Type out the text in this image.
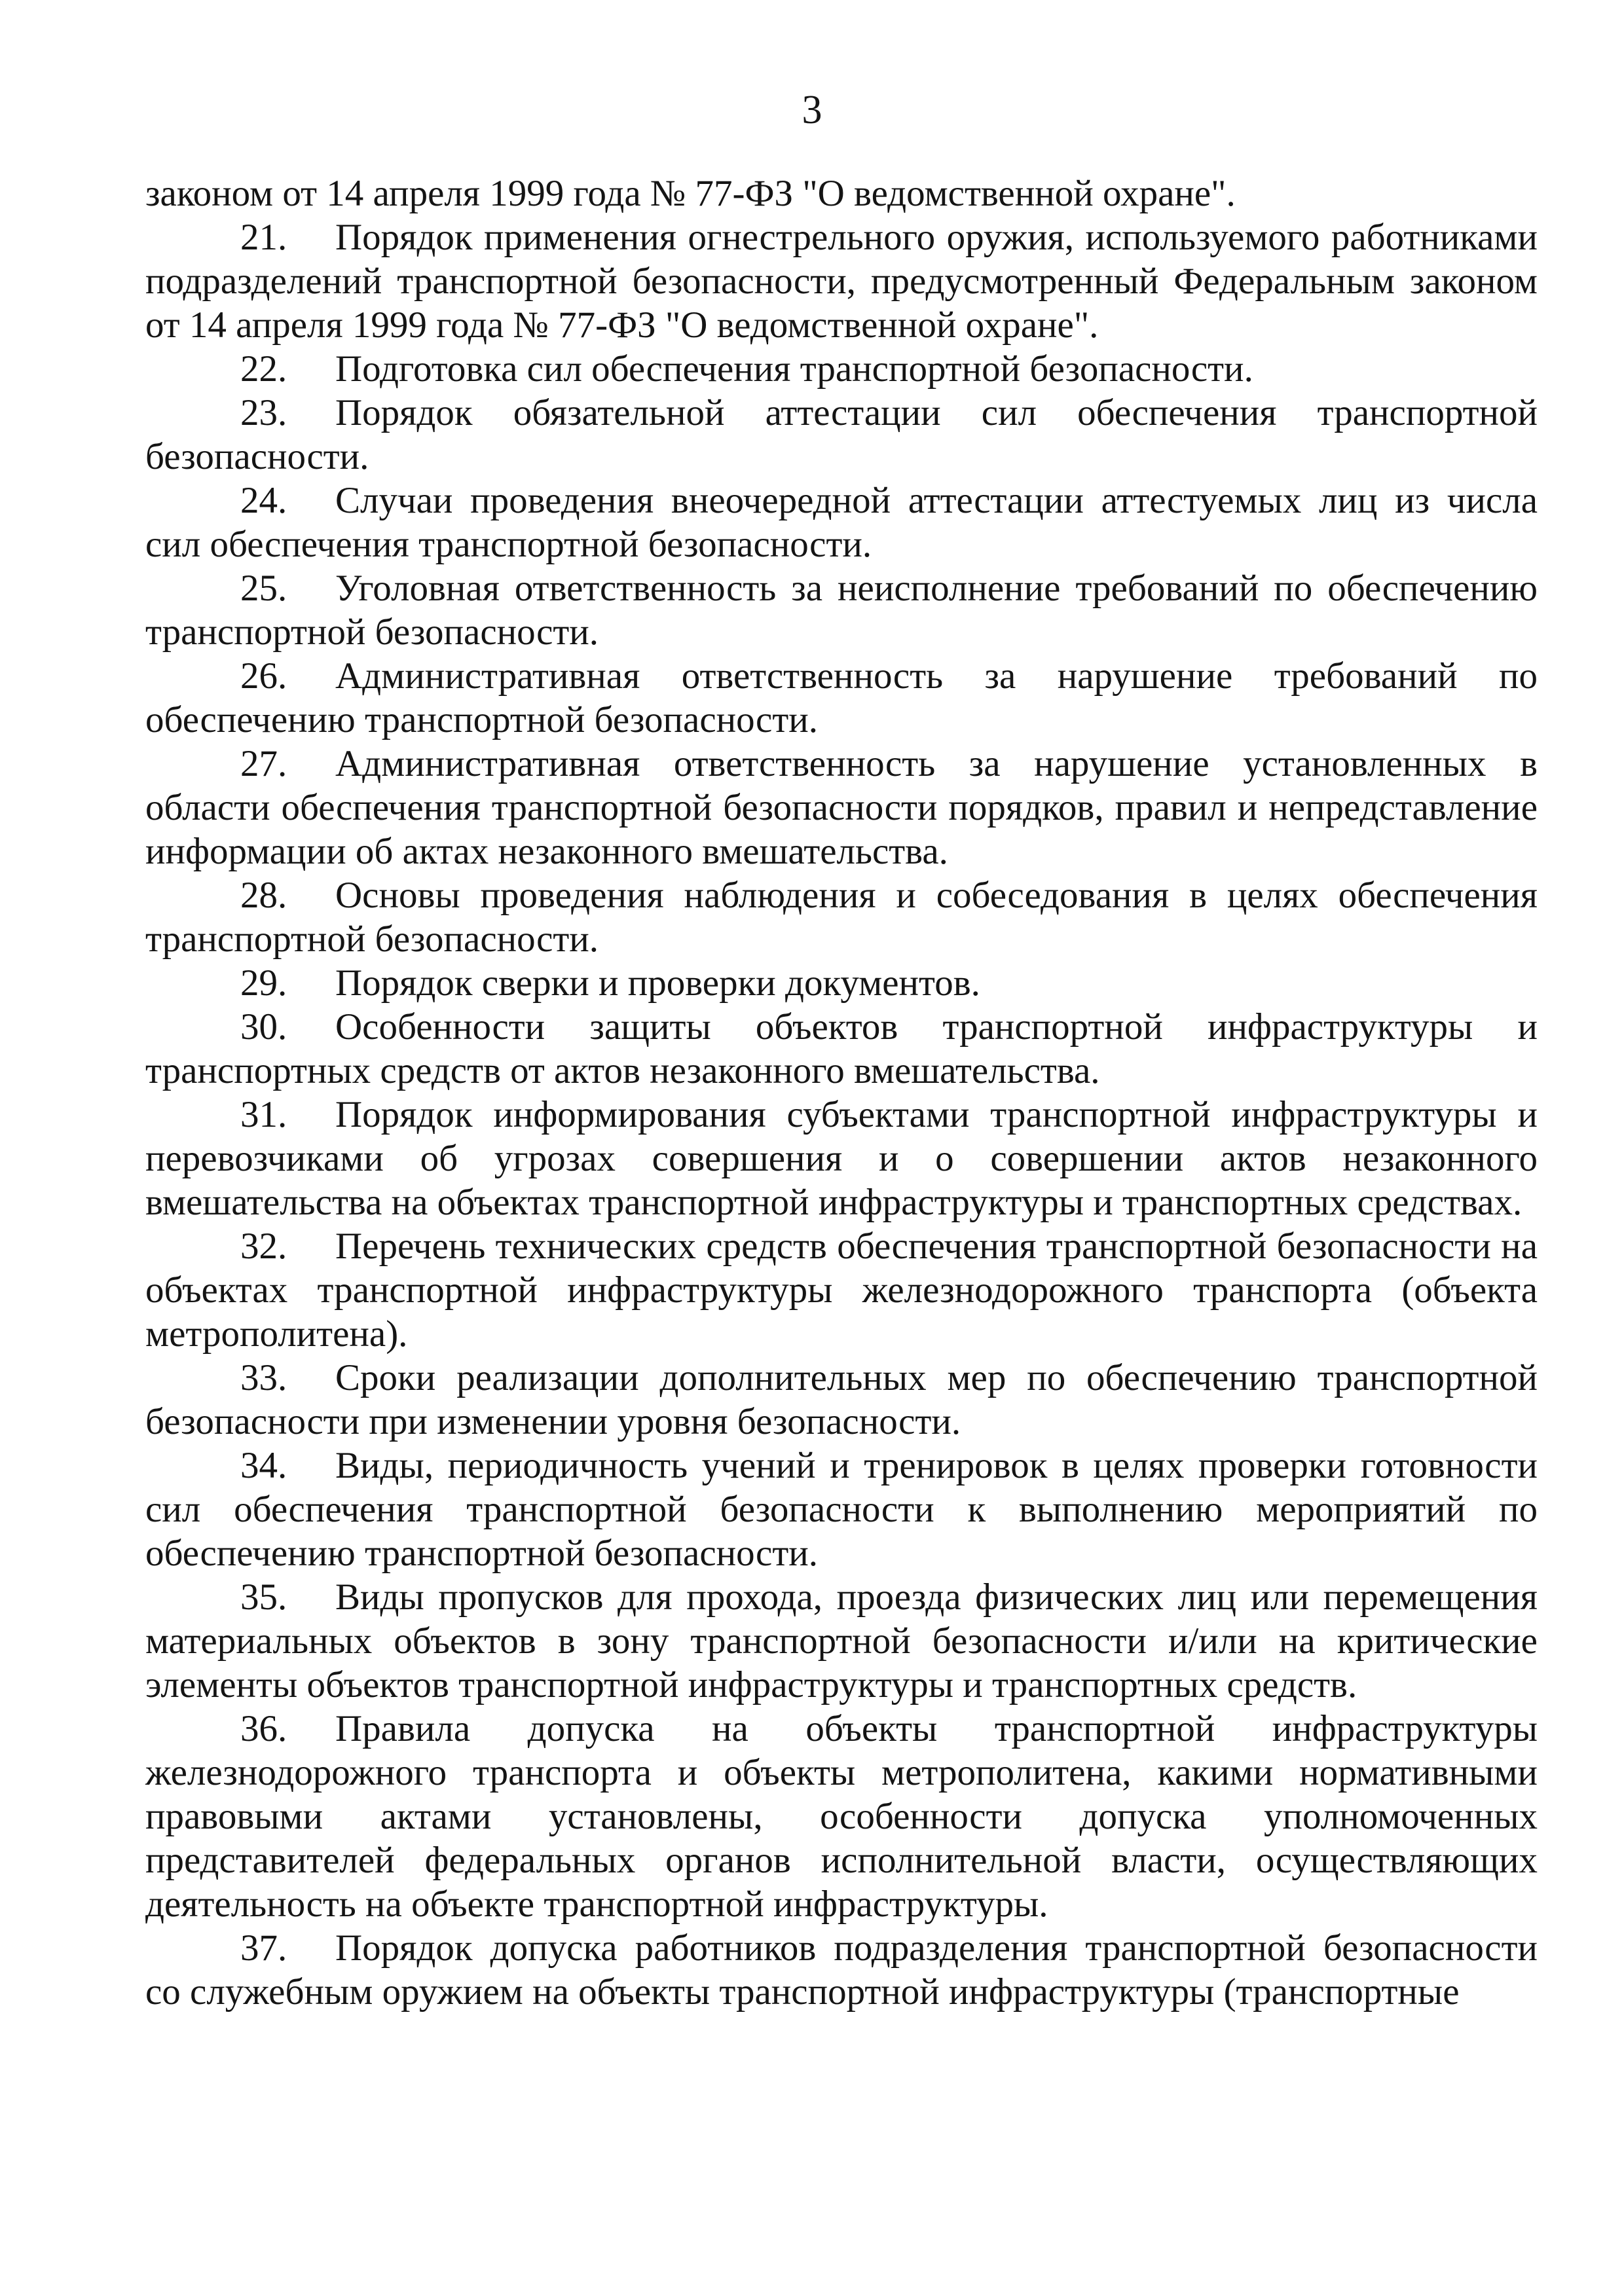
3

законом от 14 апреля 1999 года № 77-ФЗ "О ведомственной охране".

21. Порядок применения огнестрельного оружия, используемого работниками подразделений транспортной безопасности, предусмотренный Федеральным законом от 14 апреля 1999 года № 77-ФЗ "О ведомственной охране".

22. Подготовка сил обеспечения транспортной безопасности.

23. Порядок обязательной аттестации сил обеспечения транспортной безопасности.

24. Случаи проведения внеочередной аттестации аттестуемых лиц из числа сил обеспечения транспортной безопасности.

25. Уголовная ответственность за неисполнение требований по обеспечению транспортной безопасности.

26. Административная ответственность за нарушение требований по обеспечению транспортной безопасности.

27. Административная ответственность за нарушение установленных в области обеспечения транспортной безопасности порядков, правил и непредставление информации об актах незаконного вмешательства.

28. Основы проведения наблюдения и собеседования в целях обеспечения транспортной безопасности.

29. Порядок сверки и проверки документов.

30. Особенности защиты объектов транспортной инфраструктуры и транспортных средств от актов незаконного вмешательства.

31. Порядок информирования субъектами транспортной инфраструктуры и перевозчиками об угрозах совершения и о совершении актов незаконного вмешательства на объектах транспортной инфраструктуры и транспортных средствах.

32. Перечень технических средств обеспечения транспортной безопасности на объектах транспортной инфраструктуры железнодорожного транспорта (объекта метрополитена).

33. Сроки реализации дополнительных мер по обеспечению транспортной безопасности при изменении уровня безопасности.

34. Виды, периодичность учений и тренировок в целях проверки готовности сил обеспечения транспортной безопасности к выполнению мероприятий по обеспечению транспортной безопасности.

35. Виды пропусков для прохода, проезда физических лиц или перемещения материальных объектов в зону транспортной безопасности и/или на критические элементы объектов транспортной инфраструктуры и транспортных средств.

36. Правила допуска на объекты транспортной инфраструктуры железнодорожного транспорта и объекты метрополитена, какими нормативными правовыми актами установлены, особенности допуска уполномоченных представителей федеральных органов исполнительной власти, осуществляющих деятельность на объекте транспортной инфраструктуры.

37. Порядок допуска работников подразделения транспортной безопасности со служебным оружием на объекты транспортной инфраструктуры (транспортные
